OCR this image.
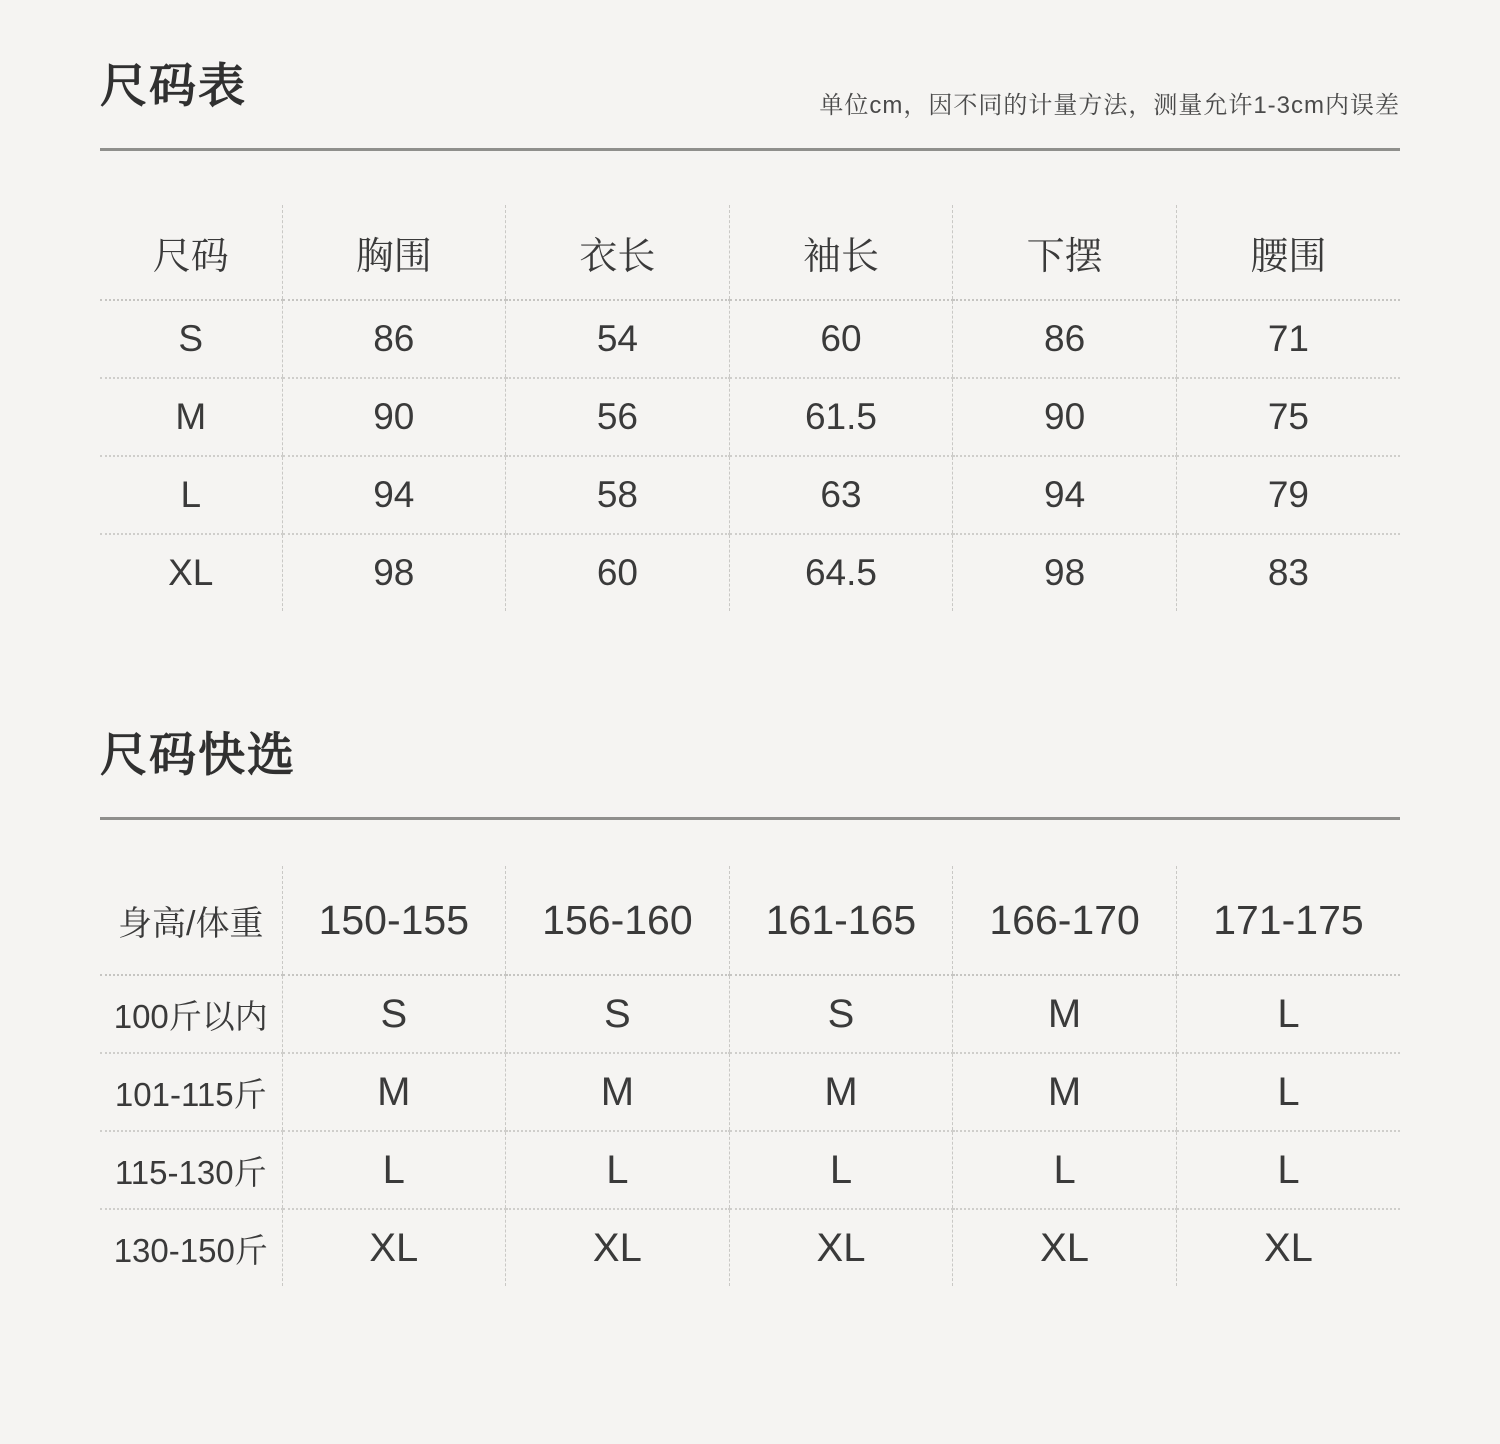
尺码表	单位cm，因不同的计量方法，测量允许1-3cm内误差
尺码	胸围	衣长	袖长	下摆	腰围
S	86	54	60	86	71
M	90	56	61.5	90	75
L	94	58	63	94	79
XL	98	60	64.5	98	83
尺码快选
身高/体重	150-155	156-160	161-165	166-170	171-175
100斤以内	S	S	S	M	L
101-115斤	M	M	M	M	L
115-130斤	L	L	L	L	L
130-150斤	XL	XL	XL	XL	XL
